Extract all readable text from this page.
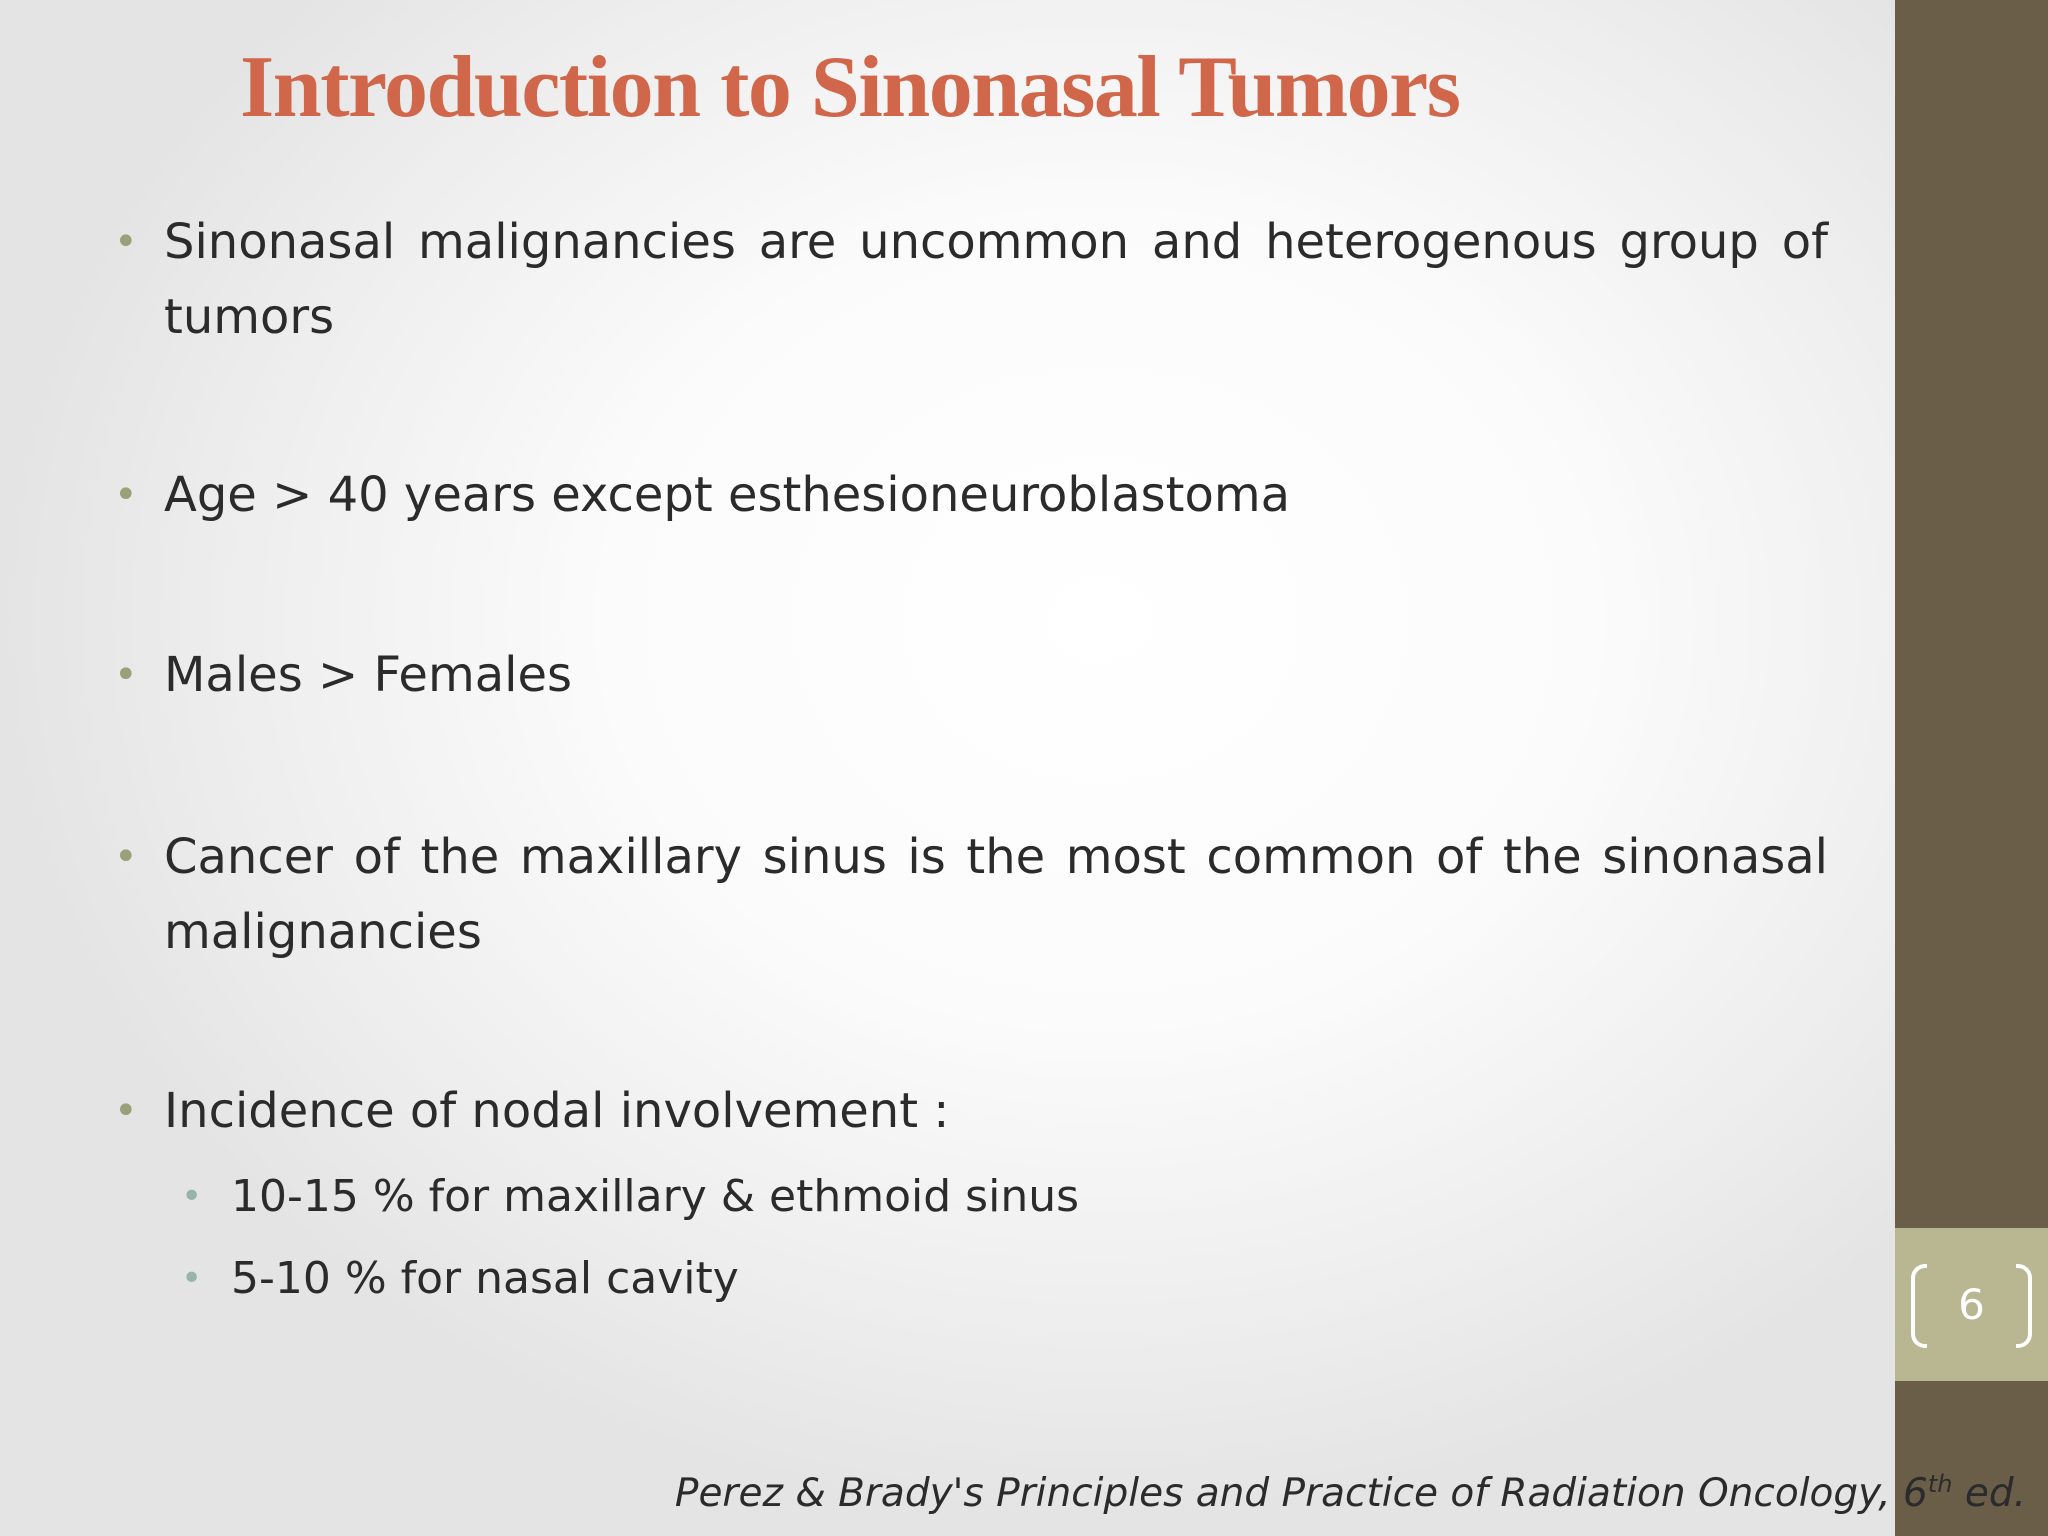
6
Introduction to Sinonasal Tumors
• Sinonasal malignancies are uncommon and heterogenous group of tumors
• Age > 40 years except esthesioneuroblastoma
• Males > Females
• Cancer of the maxillary sinus is the most common of the sinonasal malignancies
• Incidence of nodal involvement :
• 10-15 % for maxillary & ethmoid sinus
• 5-10 % for nasal cavity
Perez & Brady's Principles and Practice of Radiation Oncology, 6th ed.
